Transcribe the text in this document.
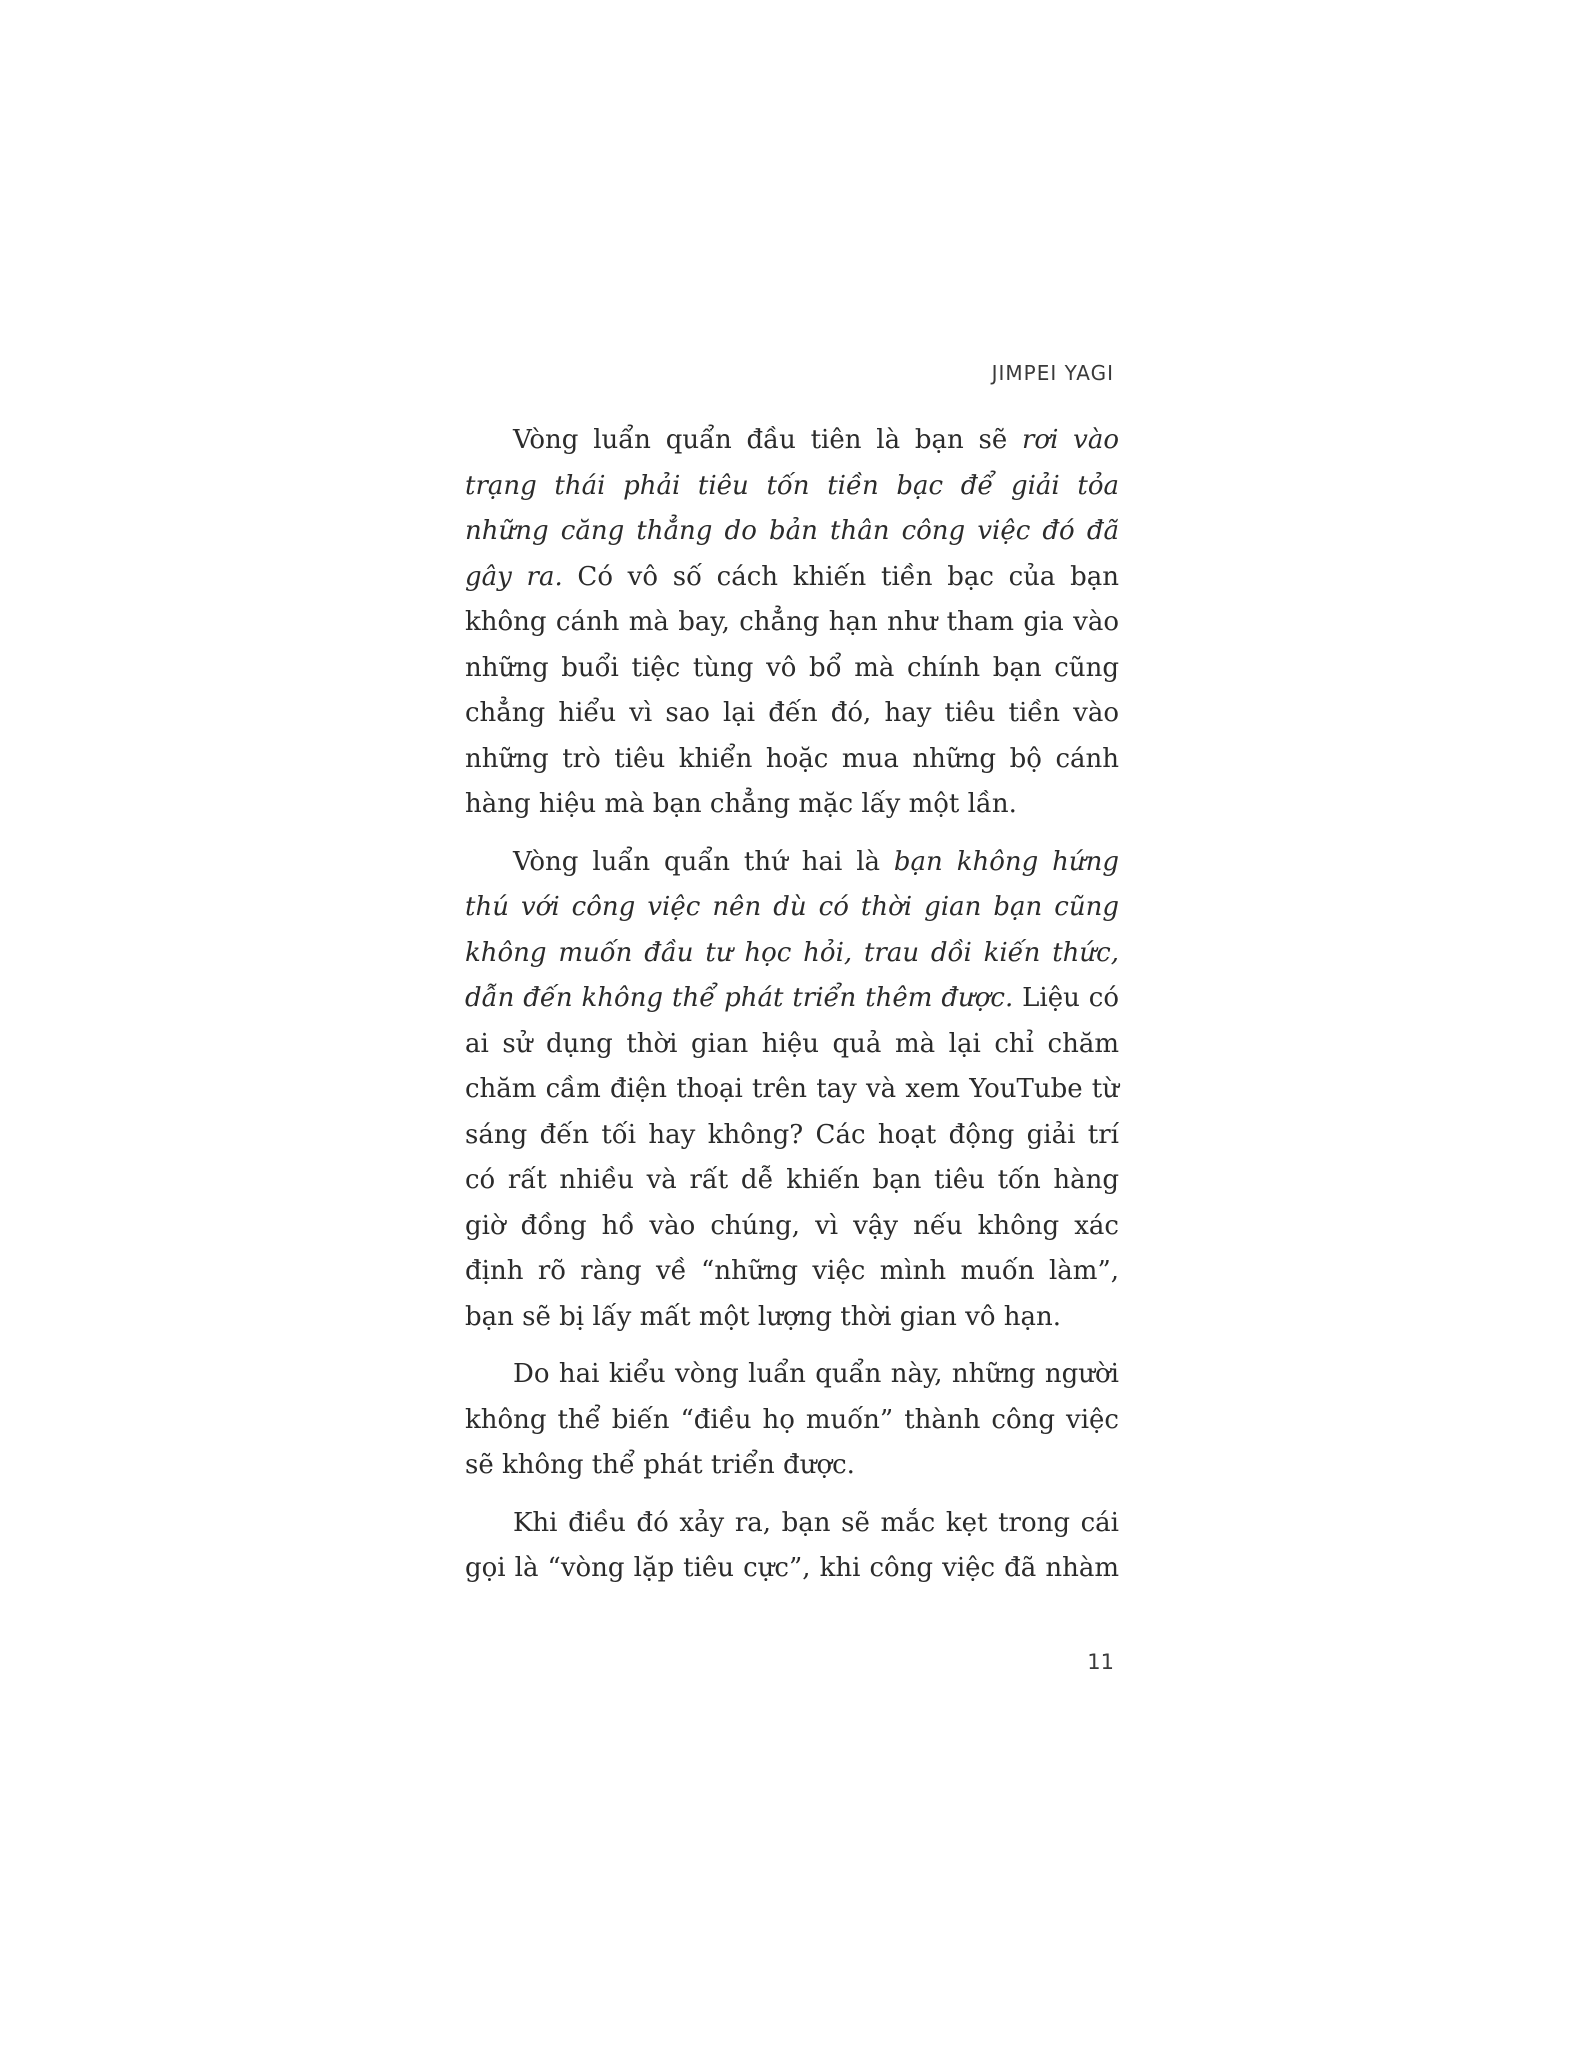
JIMPEI YAGI

Vòng luẩn quẩn đầu tiên là bạn sẽ rơi vào trạng thái phải tiêu tốn tiền bạc để giải tỏa những căng thẳng do bản thân công việc đó đã gây ra. Có vô số cách khiến tiền bạc của bạn không cánh mà bay, chẳng hạn như tham gia vào những buổi tiệc tùng vô bổ mà chính bạn cũng chẳng hiểu vì sao lại đến đó, hay tiêu tiền vào những trò tiêu khiển hoặc mua những bộ cánh hàng hiệu mà bạn chẳng mặc lấy một lần.

Vòng luẩn quẩn thứ hai là bạn không hứng thú với công việc nên dù có thời gian bạn cũng không muốn đầu tư học hỏi, trau dồi kiến thức, dẫn đến không thể phát triển thêm được. Liệu có ai sử dụng thời gian hiệu quả mà lại chỉ chăm chăm cầm điện thoại trên tay và xem YouTube từ sáng đến tối hay không? Các hoạt động giải trí có rất nhiều và rất dễ khiến bạn tiêu tốn hàng giờ đồng hồ vào chúng, vì vậy nếu không xác định rõ ràng về “những việc mình muốn làm”, bạn sẽ bị lấy mất một lượng thời gian vô hạn.

Do hai kiểu vòng luẩn quẩn này, những người không thể biến “điều họ muốn” thành công việc sẽ không thể phát triển được.

Khi điều đó xảy ra, bạn sẽ mắc kẹt trong cái gọi là “vòng lặp tiêu cực”, khi công việc đã nhàm

11
